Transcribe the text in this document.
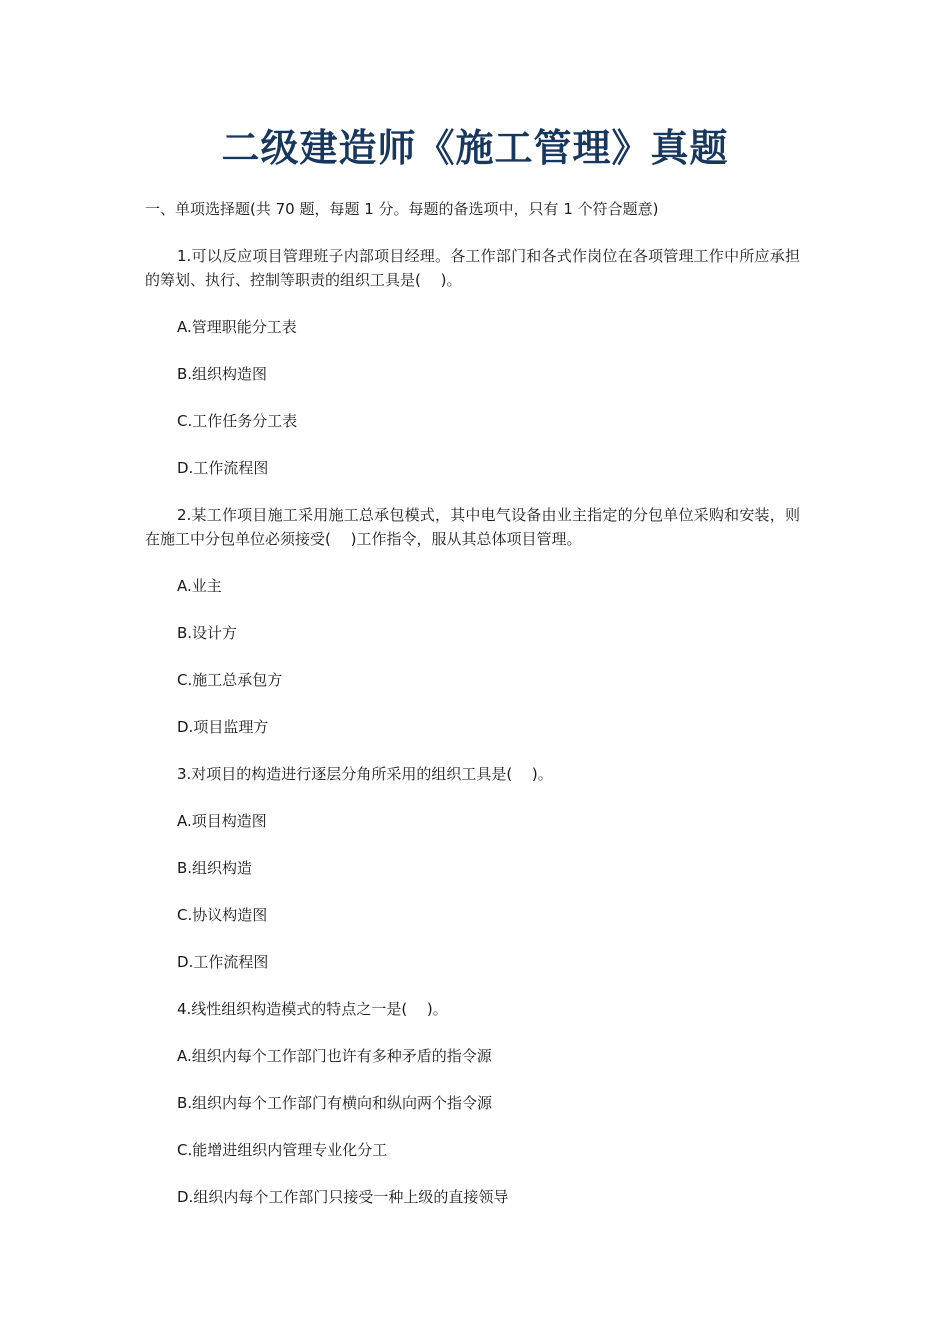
二级建造师《施工管理》真题
一、单项选择题(共 70 题，每题 1 分。每题的备选项中，只有 1 个符合题意)

1.可以反应项目管理班子内部项目经理。各工作部门和各式作岗位在各项管理工作中所应承担的筹划、执行、控制等职责的组织工具是(　 )。

A.管理职能分工表

B.组织构造图

C.工作任务分工表

D.工作流程图

2.某工作项目施工采用施工总承包模式，其中电气设备由业主指定的分包单位采购和安装，则在施工中分包单位必须接受(　 )工作指令，服从其总体项目管理。

A.业主

B.设计方

C.施工总承包方

D.项目监理方

3.对项目的构造进行逐层分角所采用的组织工具是(　 )。

A.项目构造图

B.组织构造

C.协议构造图

D.工作流程图

4.线性组织构造模式的特点之一是(　 )。

A.组织内每个工作部门也许有多种矛盾的指令源

B.组织内每个工作部门有横向和纵向两个指令源

C.能增进组织内管理专业化分工

D.组织内每个工作部门只接受一种上级的直接领导
